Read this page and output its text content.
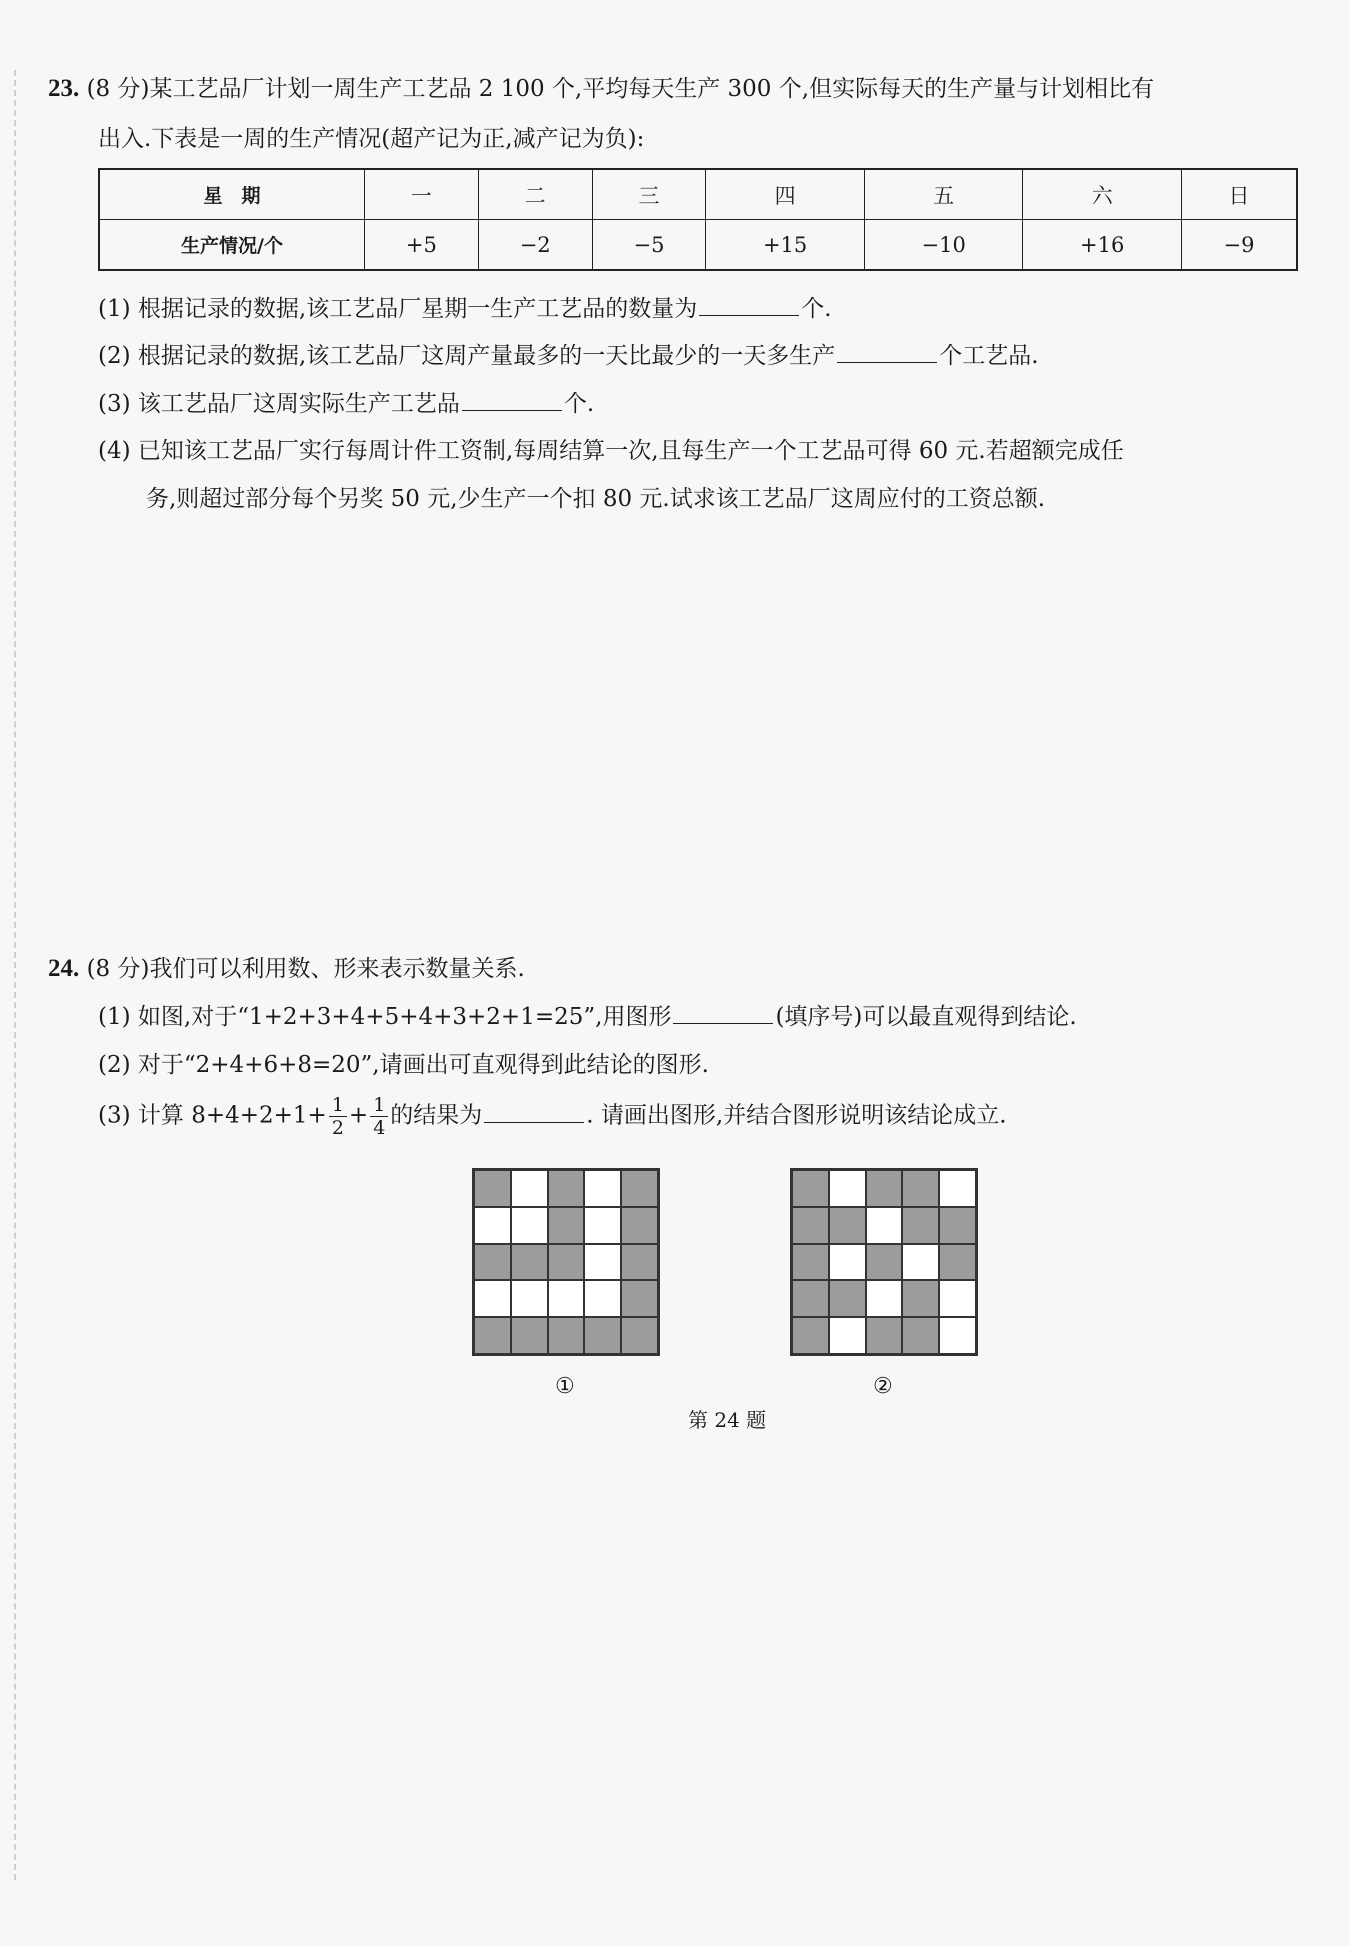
23. (8 分)某工艺品厂计划一周生产工艺品 2 100 个,平均每天生产 300 个,但实际每天的生产量与计划相比有
出入.下表是一周的生产情况(超产记为正,减产记为负):
星　期	一	二	三	四	五	六	日
生产情况/个	+5	−2	−5	+15	−10	+16	−9
(1) 根据记录的数据,该工艺品厂星期一生产工艺品的数量为	个.
(2) 根据记录的数据,该工艺品厂这周产量最多的一天比最少的一天多生产	个工艺品.
(3) 该工艺品厂这周实际生产工艺品	个.
(4) 已知该工艺品厂实行每周计件工资制,每周结算一次,且每生产一个工艺品可得 60 元.若超额完成任
务,则超过部分每个另奖 50 元,少生产一个扣 80 元.试求该工艺品厂这周应付的工资总额.
24. (8 分)我们可以利用数、形来表示数量关系.
(1) 如图,对于“1+2+3+4+5+4+3+2+1=25”,用图形	(填序号)可以最直观得到结论.
(2) 对于“2+4+6+8=20”,请画出可直观得到此结论的图形.
(3) 计算 $8+4+2+1+ \frac{1}{2} + \frac{1}{4}$ 的结果为	. 请画出图形,并结合图形说明该结论成立.
①	②
第 24 题
